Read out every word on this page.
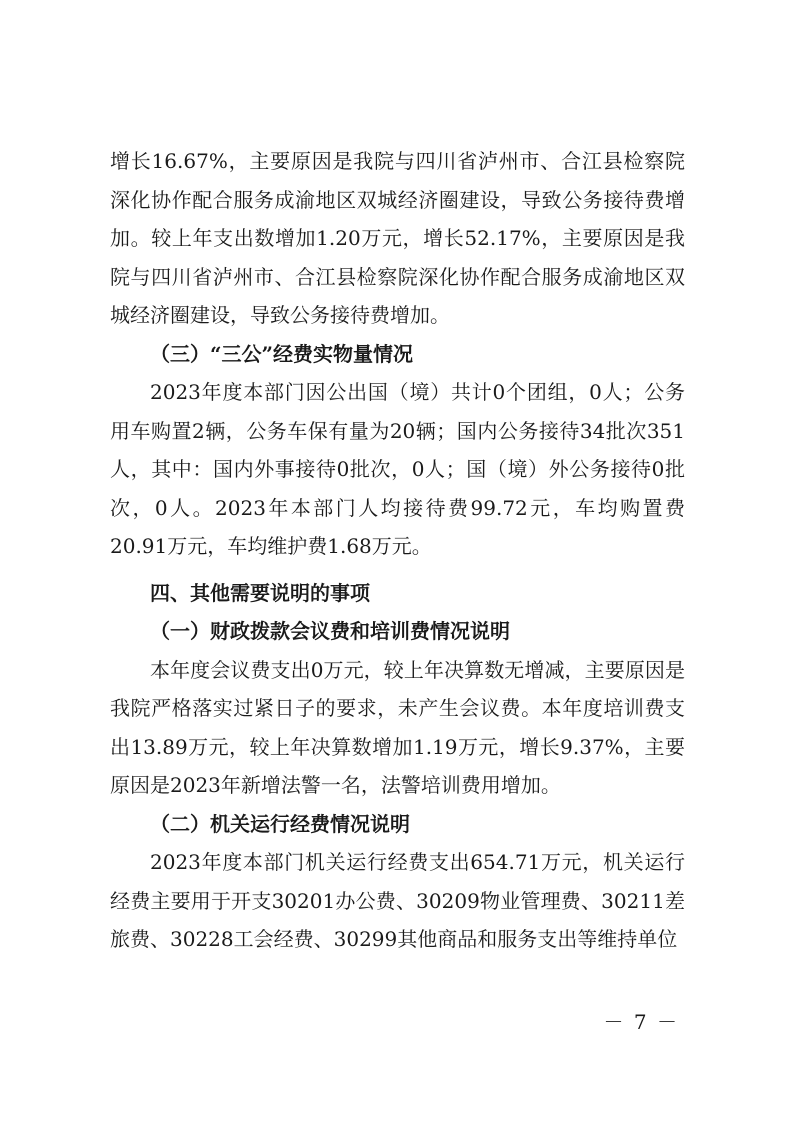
增长16.67%，主要原因是我院与四川省泸州市、合江县检察院深化协作配合服务成渝地区双城经济圈建设，导致公务接待费增加。较上年支出数增加1.20万元，增长52.17%，主要原因是我院与四川省泸州市、合江县检察院深化协作配合服务成渝地区双城经济圈建设，导致公务接待费增加。

（三）“三公”经费实物量情况

2023年度本部门因公出国（境）共计0个团组，0人；公务用车购置2辆，公务车保有量为20辆；国内公务接待34批次351人，其中：国内外事接待0批次，0人；国（境）外公务接待0批次，0人。2023年本部门人均接待费99.72元，车均购置费20.91万元，车均维护费1.68万元。

四、其他需要说明的事项

（一）财政拨款会议费和培训费情况说明

本年度会议费支出0万元，较上年决算数无增减，主要原因是我院严格落实过紧日子的要求，未产生会议费。本年度培训费支出13.89万元，较上年决算数增加1.19万元，增长9.37%，主要原因是2023年新增法警一名，法警培训费用增加。

（二）机关运行经费情况说明

2023年度本部门机关运行经费支出654.71万元，机关运行经费主要用于开支30201办公费、30209物业管理费、30211差旅费、30228工会经费、30299其他商品和服务支出等维持单位

－ 7 －
